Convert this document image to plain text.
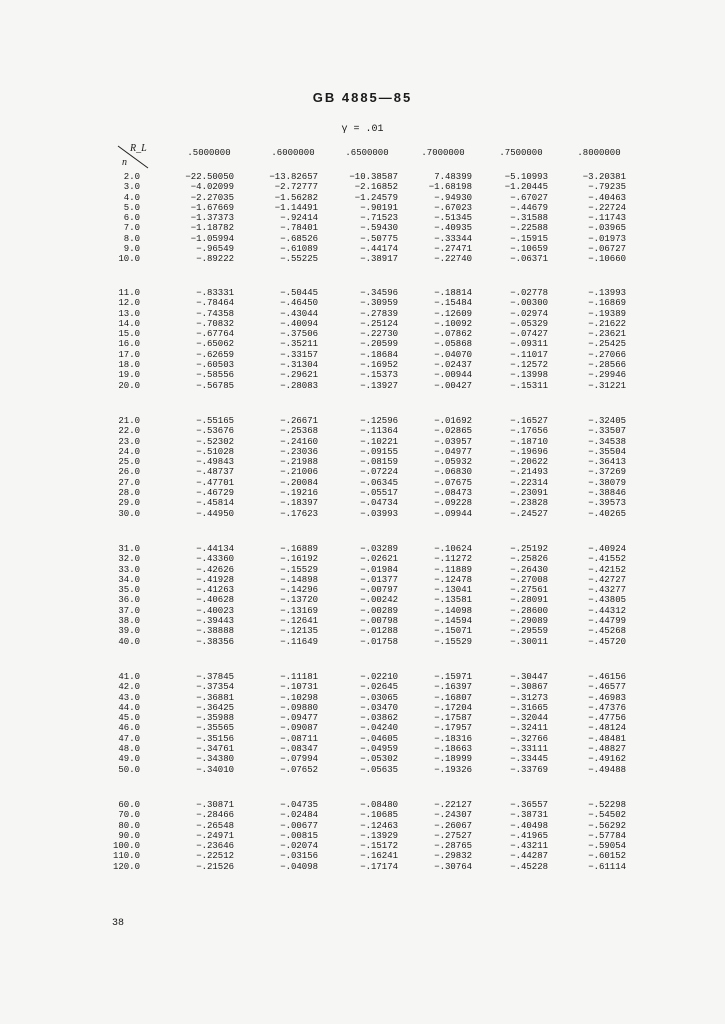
GB 4885—85
γ = .01
R_L
n
.5000000	.6000000	.6500000	.7000000	.7500000	.8000000
2.0	−22.50050	−13.82657	−10.38587	7.48399	−5.10993	−3.20381
3.0	−4.02099	−2.72777	−2.16852	−1.68198	−1.20445	−.79235
4.0	−2.27035	−1.56282	−1.24579	−.94930	−.67027	−.40463
5.0	−1.67669	−1.14491	−.90191	−.67023	−.44679	−.22724
6.0	−1.37373	−.92414	−.71523	−.51345	−.31588	−.11743
7.0	−1.18782	−.78401	−.59430	−.40935	−.22588	−.03965
8.0	−1.05994	−.68526	−.50775	−.33344	−.15915	−.01973
9.0	−.96549	−.61089	−.44174	−.27471	−.10659	−.06727
10.0	−.89222	−.55225	−.38917	−.22740	−.06371	−.10660
11.0	−.83331	−.50445	−.34596	−.18814	−.02778	−.13993
12.0	−.78464	−.46450	−.30959	−.15484	−.00300	−.16869
13.0	−.74358	−.43044	−.27839	−.12609	−.02974	−.19389
14.0	−.70832	−.40094	−.25124	−.10092	−.05329	−.21622
15.0	−.67764	−.37506	−.22730	−.07862	−.07427	−.23621
16.0	−.65062	−.35211	−.20599	−.05868	−.09311	−.25425
17.0	−.62659	−.33157	−.18684	−.04070	−.11017	−.27066
18.0	−.60503	−.31304	−.16952	−.02437	−.12572	−.28566
19.0	−.58556	−.29621	−.15373	−.00944	−.13998	−.29946
20.0	−.56785	−.28083	−.13927	−.00427	−.15311	−.31221
21.0	−.55165	−.26671	−.12596	−.01692	−.16527	−.32405
22.0	−.53676	−.25368	−.11364	−.02865	−.17656	−.33507
23.0	−.52302	−.24160	−.10221	−.03957	−.18710	−.34538
24.0	−.51028	−.23036	−.09155	−.04977	−.19696	−.35504
25.0	−.49843	−.21988	−.08159	−.05932	−.20622	−.36413
26.0	−.48737	−.21006	−.07224	−.06830	−.21493	−.37269
27.0	−.47701	−.20084	−.06345	−.07675	−.22314	−.38079
28.0	−.46729	−.19216	−.05517	−.08473	−.23091	−.38846
29.0	−.45814	−.18397	−.04734	−.09228	−.23828	−.39573
30.0	−.44950	−.17623	−.03993	−.09944	−.24527	−.40265
31.0	−.44134	−.16889	−.03289	−.10624	−.25192	−.40924
32.0	−.43360	−.16192	−.02621	−.11272	−.25826	−.41552
33.0	−.42626	−.15529	−.01984	−.11889	−.26430	−.42152
34.0	−.41928	−.14898	−.01377	−.12478	−.27008	−.42727
35.0	−.41263	−.14296	−.00797	−.13041	−.27561	−.43277
36.0	−.40628	−.13720	−.00242	−.13581	−.28091	−.43805
37.0	−.40023	−.13169	−.00289	−.14098	−.28600	−.44312
38.0	−.39443	−.12641	−.00798	−.14594	−.29089	−.44799
39.0	−.38888	−.12135	−.01288	−.15071	−.29559	−.45268
40.0	−.38356	−.11649	−.01758	−.15529	−.30011	−.45720
41.0	−.37845	−.11181	−.02210	−.15971	−.30447	−.46156
42.0	−.37354	−.10731	−.02645	−.16397	−.30867	−.46577
43.0	−.36881	−.10298	−.03065	−.16807	−.31273	−.46983
44.0	−.36425	−.09880	−.03470	−.17204	−.31665	−.47376
45.0	−.35988	−.09477	−.03862	−.17587	−.32044	−.47756
46.0	−.35565	−.09087	−.04240	−.17957	−.32411	−.48124
47.0	−.35156	−.08711	−.04605	−.18316	−.32766	−.48481
48.0	−.34761	−.08347	−.04959	−.18663	−.33111	−.48827
49.0	−.34380	−.07994	−.05302	−.18999	−.33445	−.49162
50.0	−.34010	−.07652	−.05635	−.19326	−.33769	−.49488
60.0	−.30871	−.04735	−.08480	−.22127	−.36557	−.52298
70.0	−.28466	−.02484	−.10685	−.24307	−.38731	−.54502
80.0	−.26548	−.00677	−.12463	−.26067	−.40498	−.56292
90.0	−.24971	−.00815	−.13929	−.27527	−.41965	−.57784
100.0	−.23646	−.02074	−.15172	−.28765	−.43211	−.59054
110.0	−.22512	−.03156	−.16241	−.29832	−.44287	−.60152
120.0	−.21526	−.04098	−.17174	−.30764	−.45228	−.61114
38
